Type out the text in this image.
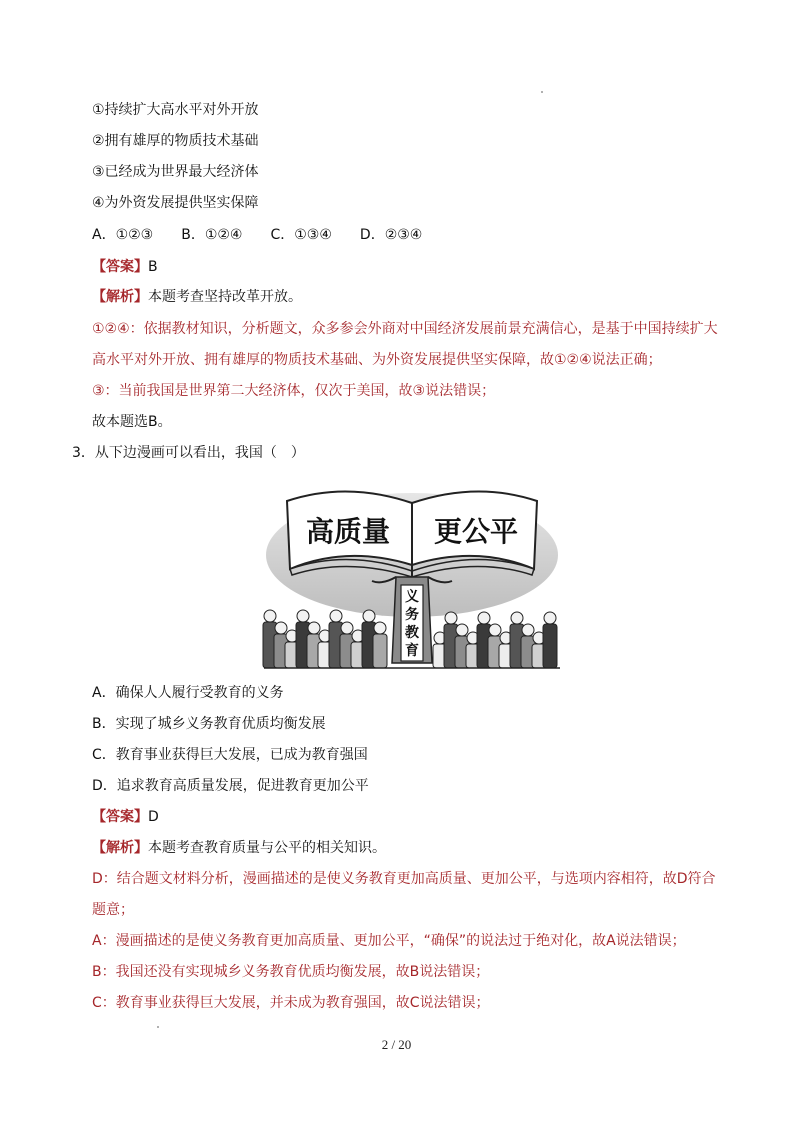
①持续扩大高水平对外开放
②拥有雄厚的物质技术基础
③已经成为世界最大经济体
④为外资发展提供坚实保障
A．①②③　　B．①②④　　C．①③④　　D．②③④
【答案】B
【解析】本题考查坚持改革开放。
①②④：依据教材知识，分析题文，众多参会外商对中国经济发展前景充满信心，是基于中国持续扩大
高水平对外开放、拥有雄厚的物质技术基础、为外资发展提供坚实保障，故①②④说法正确；
③：当前我国是世界第二大经济体，仅次于美国，故③说法错误；
故本题选B。
3．从下边漫画可以看出，我国（　）
高质量 更公平
义
务
教
育
A．确保人人履行受教育的义务
B．实现了城乡义务教育优质均衡发展
C．教育事业获得巨大发展，已成为教育强国
D．追求教育高质量发展，促进教育更加公平
【答案】D
【解析】本题考查教育质量与公平的相关知识。
D：结合题文材料分析，漫画描述的是使义务教育更加高质量、更加公平，与选项内容相符，故D符合
题意；
A：漫画描述的是使义务教育更加高质量、更加公平，“确保”的说法过于绝对化，故A说法错误；
B：我国还没有实现城乡义务教育优质均衡发展，故B说法错误；
C：教育事业获得巨大发展，并未成为教育强国，故C说法错误；
2 / 20
